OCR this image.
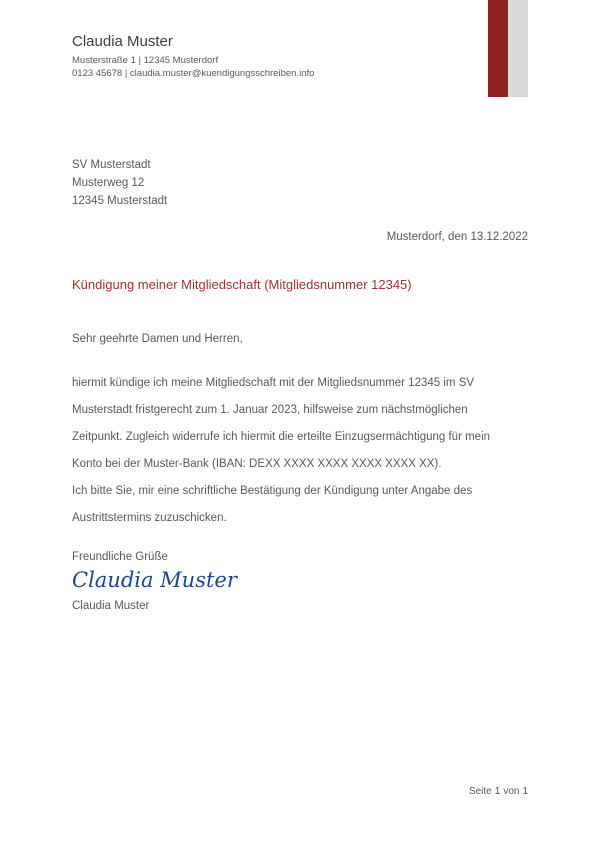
Claudia Muster
Musterstraße 1 | 12345 Musterdorf
0123 45678 | claudia.muster@kuendigungsschreiben.info
SV Musterstadt
Musterweg 12
12345 Musterstadt
Musterdorf, den 13.12.2022
Kündigung meiner Mitgliedschaft (Mitgliedsnummer 12345)
Sehr geehrte Damen und Herren,
hiermit kündige ich meine Mitgliedschaft mit der Mitgliedsnummer 12345 im SV Musterstadt fristgerecht zum 1. Januar 2023, hilfsweise zum nächstmöglichen Zeitpunkt. Zugleich widerrufe ich hiermit die erteilte Einzugsermächtigung für mein Konto bei der Muster-Bank (IBAN: DEXX XXXX XXXX XXXX XXXX XX).
Ich bitte Sie, mir eine schriftliche Bestätigung der Kündigung unter Angabe des Austrittstermins zuzuschicken.
Freundliche Grüße
Claudia Muster
Claudia Muster
Seite 1 von 1
